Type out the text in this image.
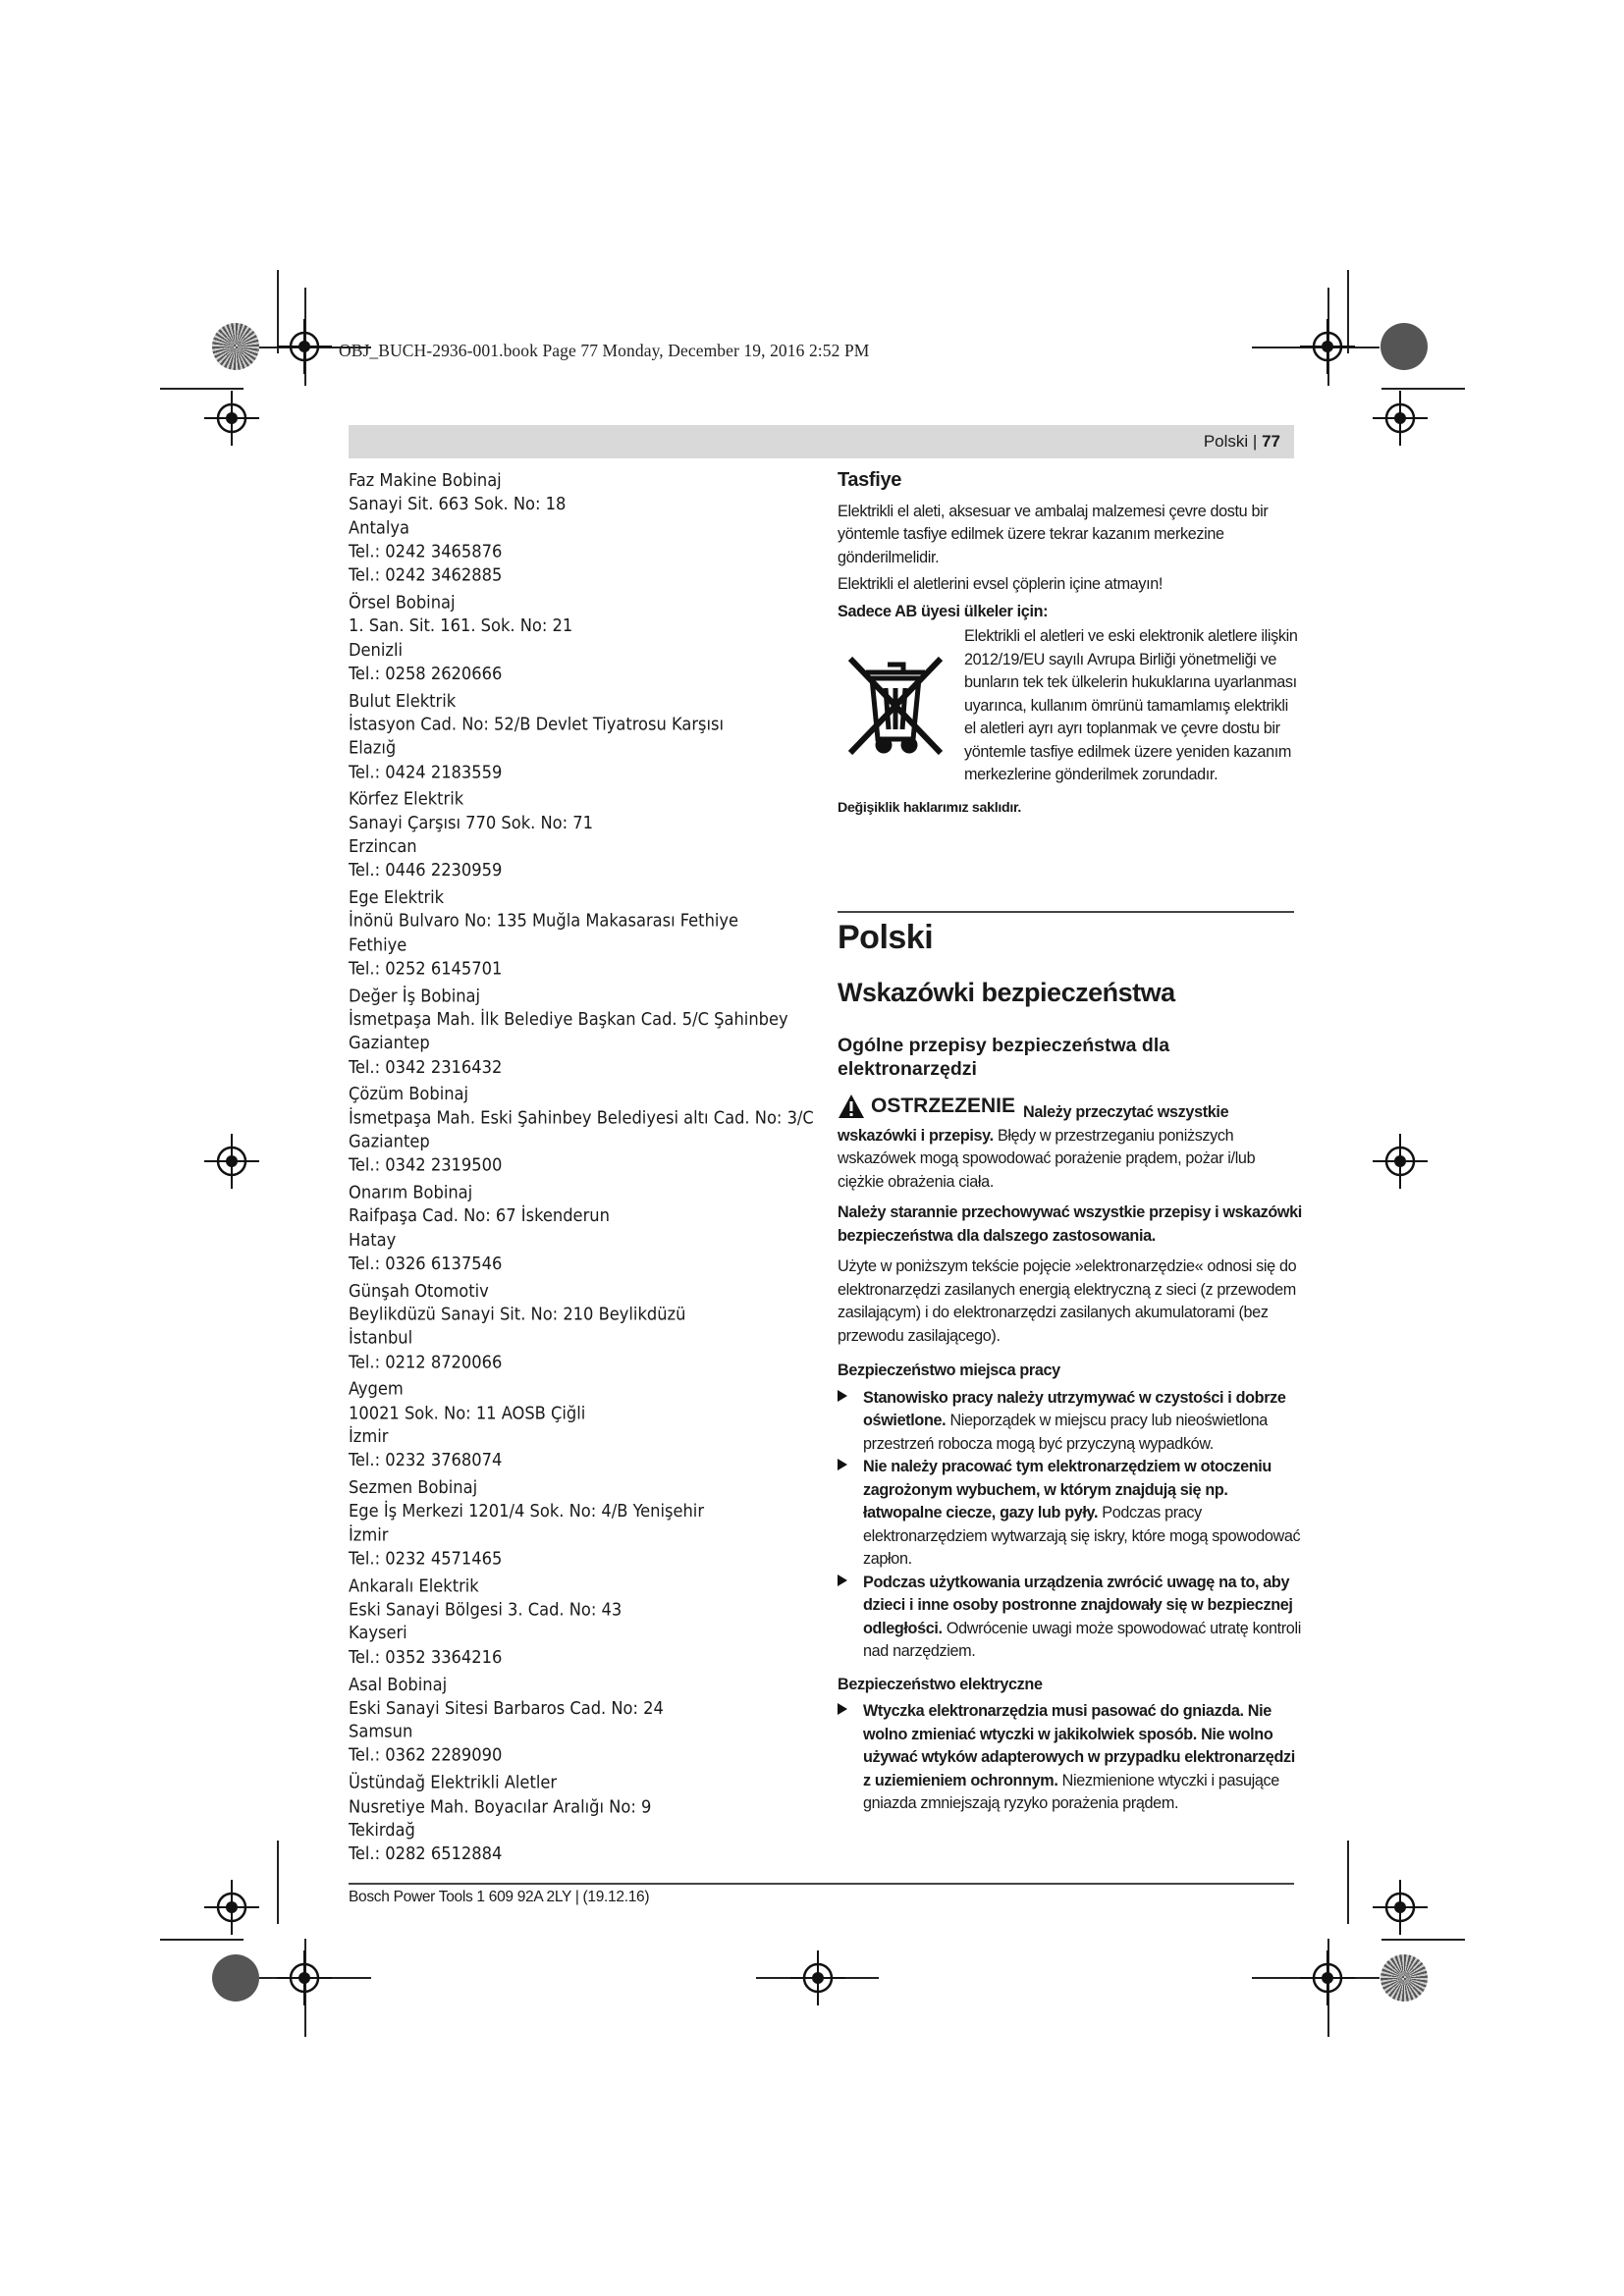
OBJ_BUCH-2936-001.book Page 77 Monday, December 19, 2016 2:52 PM
Polski | 77
Faz Makine Bobinaj
Sanayi Sit. 663 Sok. No: 18
Antalya
Tel.: 0242 3465876
Tel.: 0242 3462885
Örsel Bobinaj
1. San. Sit. 161. Sok. No: 21
Denizli
Tel.: 0258 2620666
Bulut Elektrik
İstasyon Cad. No: 52/B Devlet Tiyatrosu Karşısı
Elazığ
Tel.: 0424 2183559
Körfez Elektrik
Sanayi Çarşısı 770 Sok. No: 71
Erzincan
Tel.: 0446 2230959
Ege Elektrik
İnönü Bulvaro No: 135 Muğla Makasarası Fethiye
Fethiye
Tel.: 0252 6145701
Değer İş Bobinaj
İsmetpaşa Mah. İlk Belediye Başkan Cad. 5/C Şahinbey
Gaziantep
Tel.: 0342 2316432
Çözüm Bobinaj
İsmetpaşa Mah. Eski Şahinbey Belediyesi altı Cad. No: 3/C
Gaziantep
Tel.: 0342 2319500
Onarım Bobinaj
Raifpaşa Cad. No: 67 İskenderun
Hatay
Tel.: 0326 6137546
Günşah Otomotiv
Beylikdüzü Sanayi Sit. No: 210 Beylikdüzü
İstanbul
Tel.: 0212 8720066
Aygem
10021 Sok. No: 11 AOSB Çiğli
İzmir
Tel.: 0232 3768074
Sezmen Bobinaj
Ege İş Merkezi 1201/4 Sok. No: 4/B Yenişehir
İzmir
Tel.: 0232 4571465
Ankaralı Elektrik
Eski Sanayi Bölgesi 3. Cad. No: 43
Kayseri
Tel.: 0352 3364216
Asal Bobinaj
Eski Sanayi Sitesi Barbaros Cad. No: 24
Samsun
Tel.: 0362 2289090
Üstündağ Elektrikli Aletler
Nusretiye Mah. Boyacılar Aralığı No: 9
Tekirdağ
Tel.: 0282 6512884

Tasfiye

Elektrikli el aleti, aksesuar ve ambalaj malzemesi çevre dostu bir yöntemle tasfiye edilmek üzere tekrar kazanım merkezine gönderilmelidir.

Elektrikli el aletlerini evsel çöplerin içine atmayın!

Sadece AB üyesi ülkeler için:

Elektrikli el aletleri ve eski elektronik aletlere ilişkin 2012/19/EU sayılı Avrupa Birliği yönetmeliği ve bunların tek tek ülkelerin hukuklarına uyarlanması uyarınca, kullanım ömrünü tamamlamış elektrikli el aletleri ayrı ayrı toplanmak ve çevre dostu bir yöntemle tasfiye edilmek üzere yeniden kazanım merkezlerine gönderilmek zorundadır.

Değişiklik haklarımız saklıdır.

Polski
Wskazówki bezpieczeństwa
Ogólne przepisy bezpieczeństwa dla elektronarzędzi

OSTRZEZENIE Należy przeczytać wszystkie wskazówki i przepisy. Błędy w przestrzeganiu poniższych wskazówek mogą spowodować porażenie prądem, pożar i/lub ciężkie obrażenia ciała.

Należy starannie przechowywać wszystkie przepisy i wskazówki bezpieczeństwa dla dalszego zastosowania.

Użyte w poniższym tekście pojęcie »elektronarzędzie« odnosi się do elektronarzędzi zasilanych energią elektryczną z sieci (z przewodem zasilającym) i do elektronarzędzi zasilanych akumulatorami (bez przewodu zasilającego).

Bezpieczeństwo miejsca pracy

Stanowisko pracy należy utrzymywać w czystości i dobrze oświetlone. Nieporządek w miejscu pracy lub nieoświetlona przestrzeń robocza mogą być przyczyną wypadków.

Nie należy pracować tym elektronarzędziem w otoczeniu zagrożonym wybuchem, w którym znajdują się np. łatwopalne ciecze, gazy lub pyły. Podczas pracy elektronarzędziem wytwarzają się iskry, które mogą spowodować zapłon.

Podczas użytkowania urządzenia zwrócić uwagę na to, aby dzieci i inne osoby postronne znajdowały się w bezpiecznej odległości. Odwrócenie uwagi może spowodować utratę kontroli nad narzędziem.

Bezpieczeństwo elektryczne

Wtyczka elektronarzędzia musi pasować do gniazda. Nie wolno zmieniać wtyczki w jakikolwiek sposób. Nie wolno używać wtyków adapterowych w przypadku elektronarzędzi z uziemieniem ochronnym. Niezmienione wtyczki i pasujące gniazda zmniejszają ryzyko porażenia prądem.

Bosch Power Tools 1 609 92A 2LY | (19.12.16)
